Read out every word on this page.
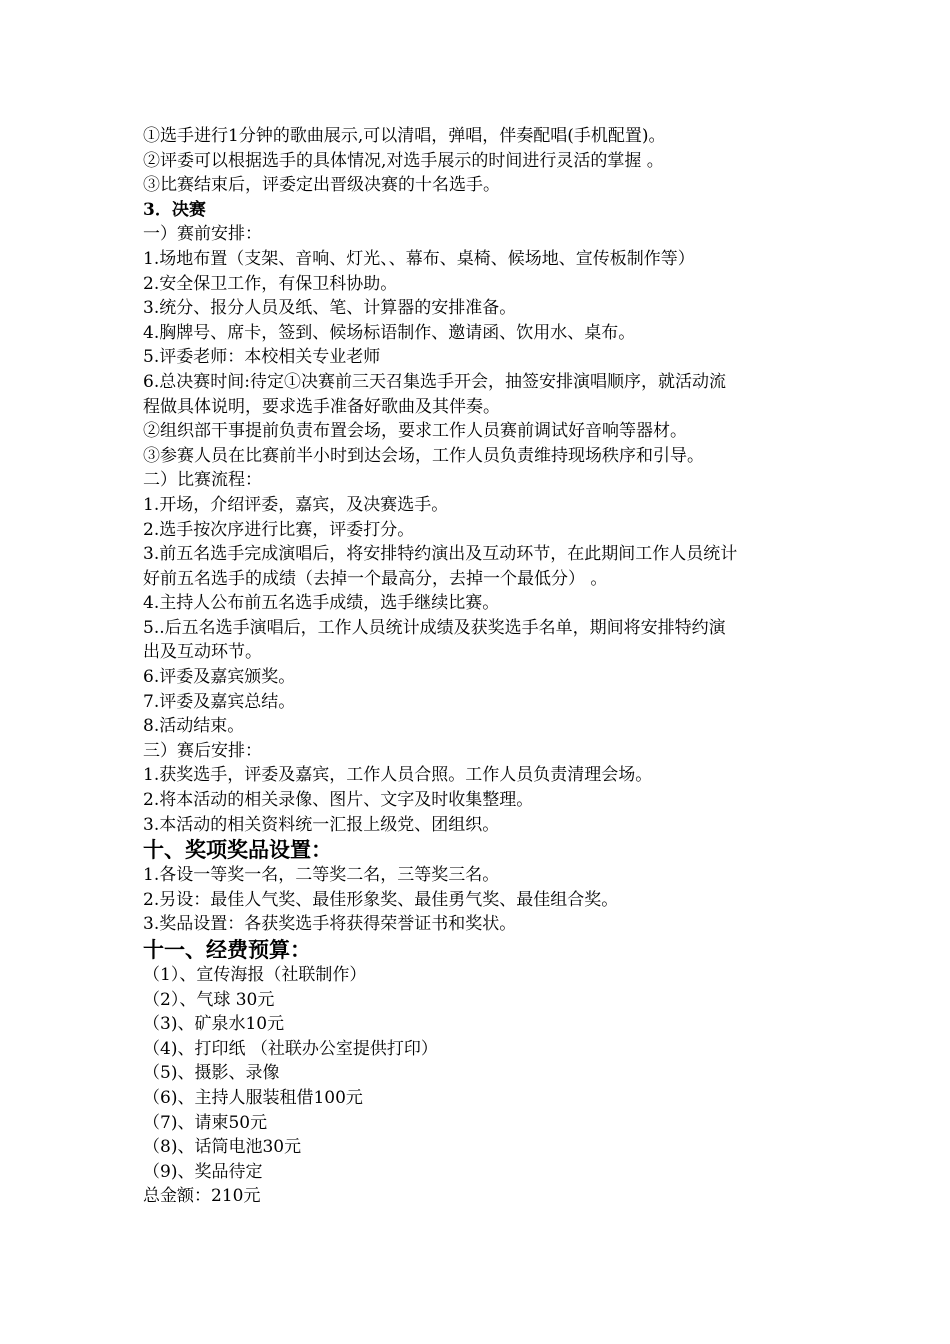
①选手进行1分钟的歌曲展示,可以清唱，弹唱，伴奏配唱(手机配置)。

②评委可以根据选手的具体情况,对选手展示的时间进行灵活的掌握 。

③比赛结束后，评委定出晋级决赛的十名选手。

3．决赛

一）赛前安排：

1.场地布置（支架、音响、灯光、、幕布、桌椅、候场地、宣传板制作等）

2.安全保卫工作，有保卫科协助。

3.统分、报分人员及纸、笔、计算器的安排准备。

4.胸牌号、席卡，签到、候场标语制作、邀请函、饮用水、桌布。

5.评委老师：本校相关专业老师

6.总决赛时间:待定①决赛前三天召集选手开会，抽签安排演唱顺序，就活动流

程做具体说明，要求选手准备好歌曲及其伴奏。

②组织部干事提前负责布置会场，要求工作人员赛前调试好音响等器材。

③参赛人员在比赛前半小时到达会场，工作人员负责维持现场秩序和引导。

二）比赛流程：

1.开场，介绍评委，嘉宾，及决赛选手。

2.选手按次序进行比赛，评委打分。

3.前五名选手完成演唱后，将安排特约演出及互动环节，在此期间工作人员统计

好前五名选手的成绩（去掉一个最高分，去掉一个最低分） 。

4.主持人公布前五名选手成绩，选手继续比赛。

5..后五名选手演唱后，工作人员统计成绩及获奖选手名单，期间将安排特约演

出及互动环节。

6.评委及嘉宾颁奖。

7.评委及嘉宾总结。

8.活动结束。

三）赛后安排：

1.获奖选手，评委及嘉宾，工作人员合照。工作人员负责清理会场。

2.将本活动的相关录像、图片、文字及时收集整理。

3.本活动的相关资料统一汇报上级党、团组织。

十、奖项奖品设置：

1.各设一等奖一名，二等奖二名，三等奖三名。

2.另设：最佳人气奖、最佳形象奖、最佳勇气奖、最佳组合奖。

3.奖品设置：各获奖选手将获得荣誉证书和奖状。

十一、经费预算：

（1）、宣传海报（社联制作）

（2）、气球 30元

（3)、矿泉水10元

（4)、打印纸 （社联办公室提供打印）

（5)、摄影、录像

（6)、主持人服装租借100元

（7)、请柬50元

（8)、话筒电池30元

（9)、奖品待定

总金额：210元
